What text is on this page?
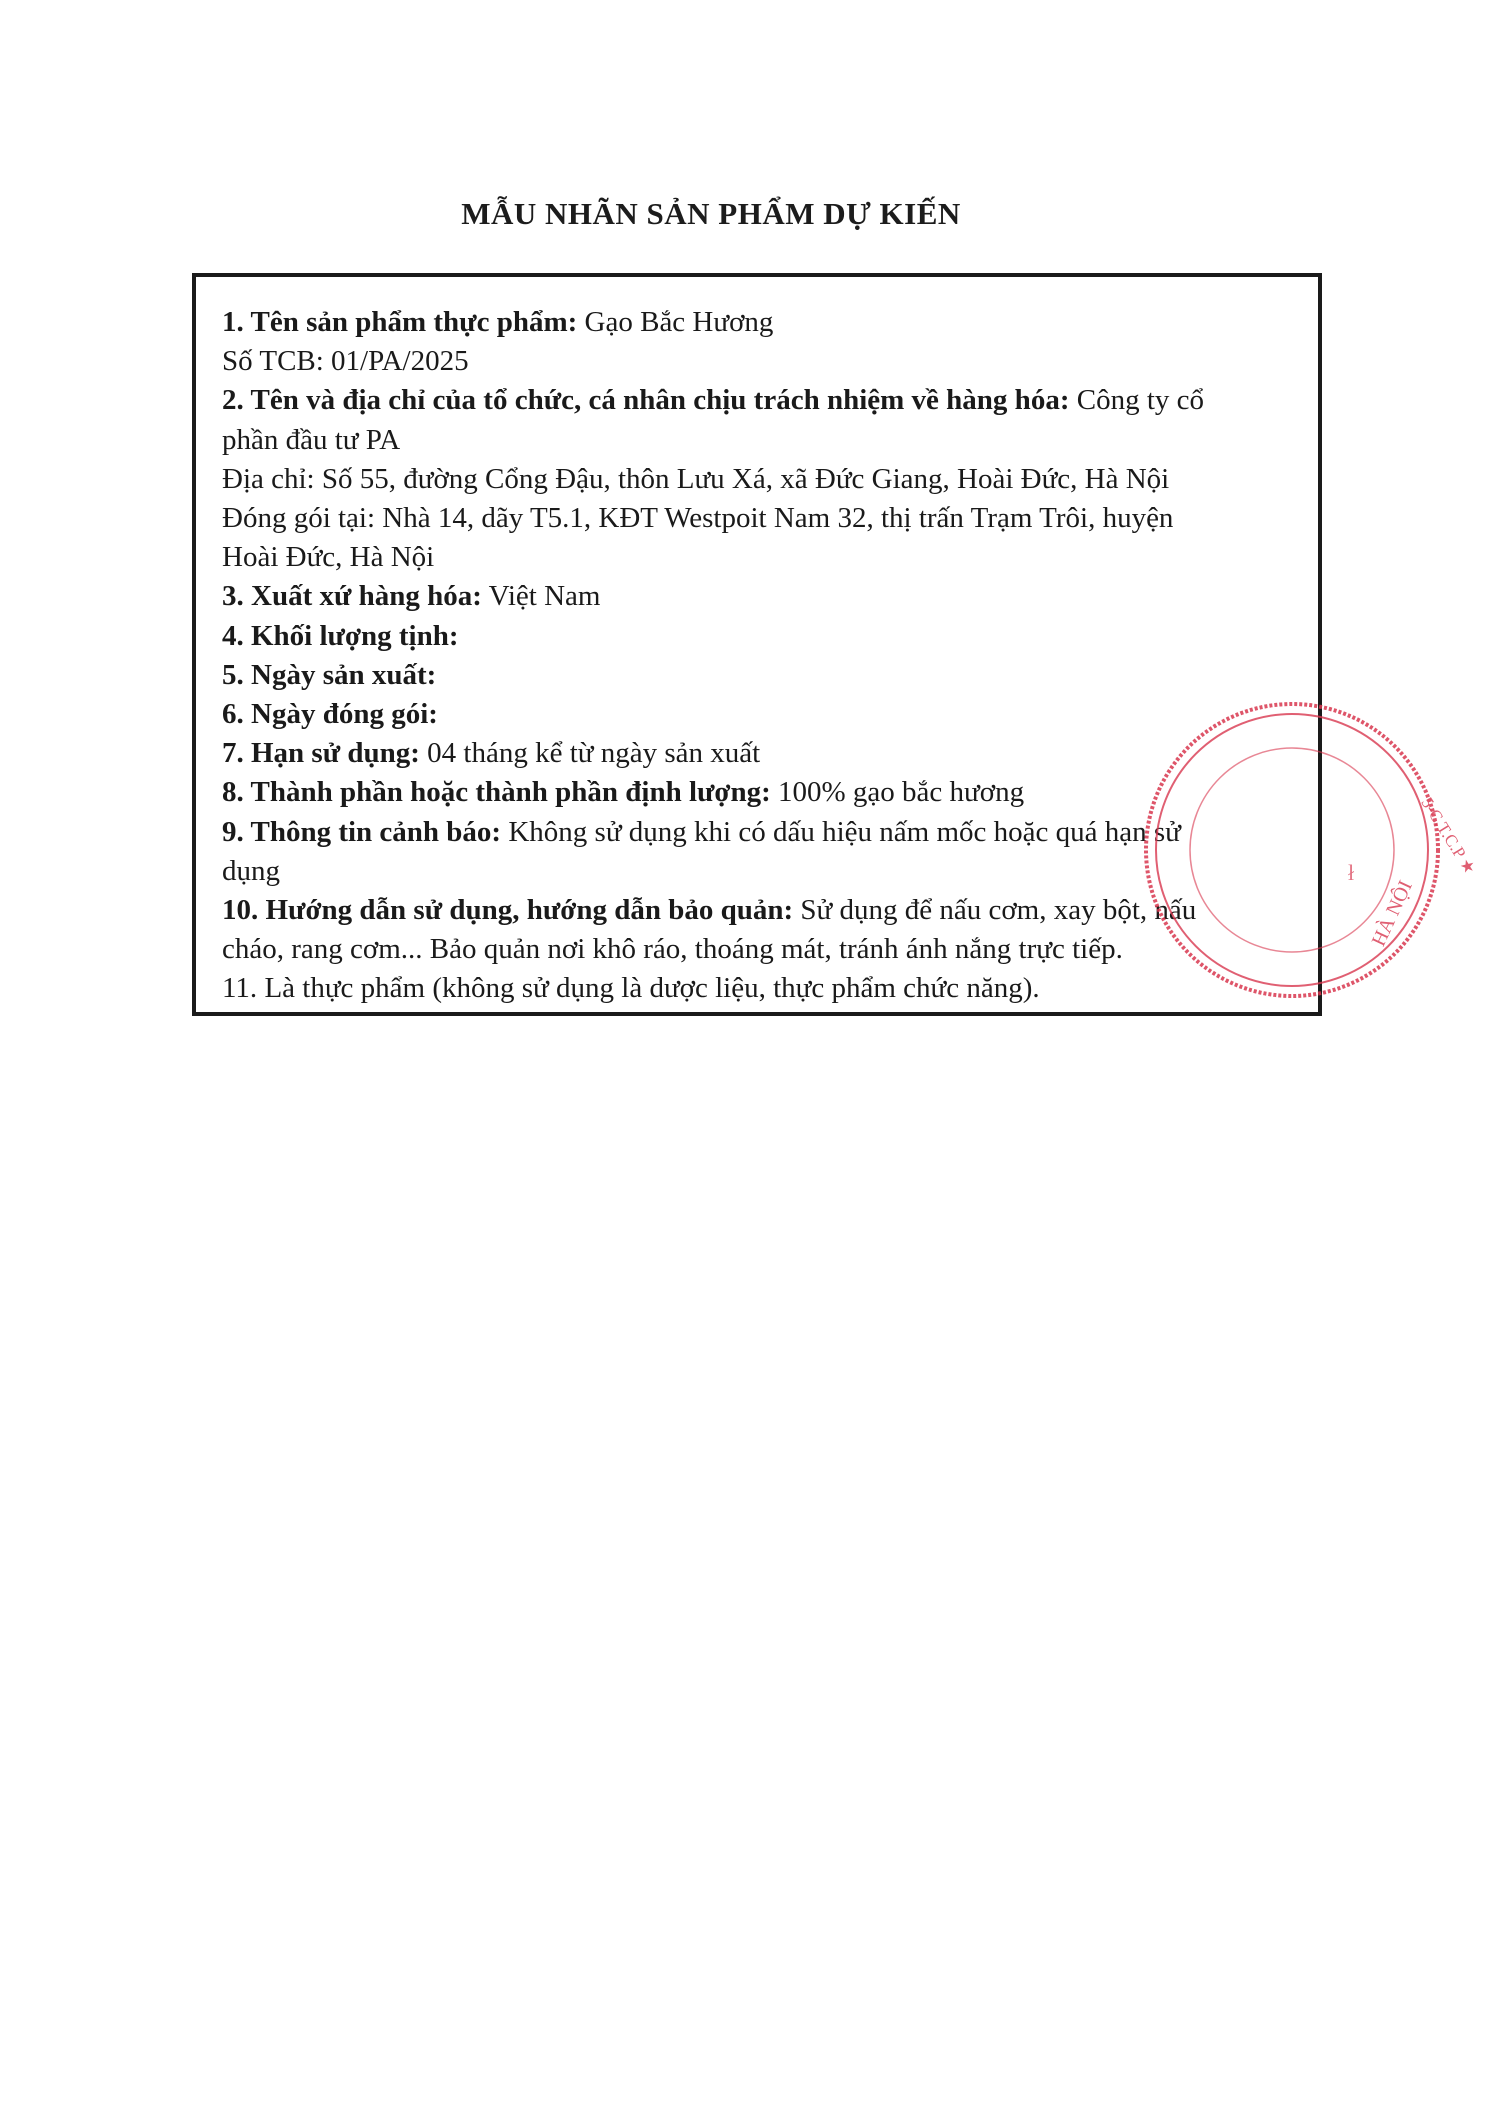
MẪU NHÃN SẢN PHẨM DỰ KIẾN
1. Tên sản phẩm thực phẩm: Gạo Bắc Hương
Số TCB: 01/PA/2025
2. Tên và địa chỉ của tổ chức, cá nhân chịu trách nhiệm về hàng hóa: Công ty cổ
phần đầu tư PA
Địa chỉ: Số 55, đường Cổng Đậu, thôn Lưu Xá, xã Đức Giang, Hoài Đức, Hà Nội
Đóng gói tại: Nhà 14, dãy T5.1, KĐT Westpoit Nam 32, thị trấn Trạm Trôi, huyện
Hoài Đức, Hà Nội
3. Xuất xứ hàng hóa: Việt Nam
4. Khối lượng tịnh:
5. Ngày sản xuất:
6. Ngày đóng gói:
7. Hạn sử dụng: 04 tháng kể từ ngày sản xuất
8. Thành phần hoặc thành phần định lượng: 100% gạo bắc hương
9. Thông tin cảnh báo: Không sử dụng khi có dấu hiệu nấm mốc hoặc quá hạn sử
dụng
10. Hướng dẫn sử dụng, hướng dẫn bảo quản: Sử dụng để nấu cơm, xay bột, nấu
cháo, rang cơm... Bảo quản nơi khô ráo, thoáng mát, tránh ánh nắng trực tiếp.
11. Là thực phẩm (không sử dụng là dược liệu, thực phẩm chức năng).
ł
HÀ NỘI
5-C.T.C.P ★
